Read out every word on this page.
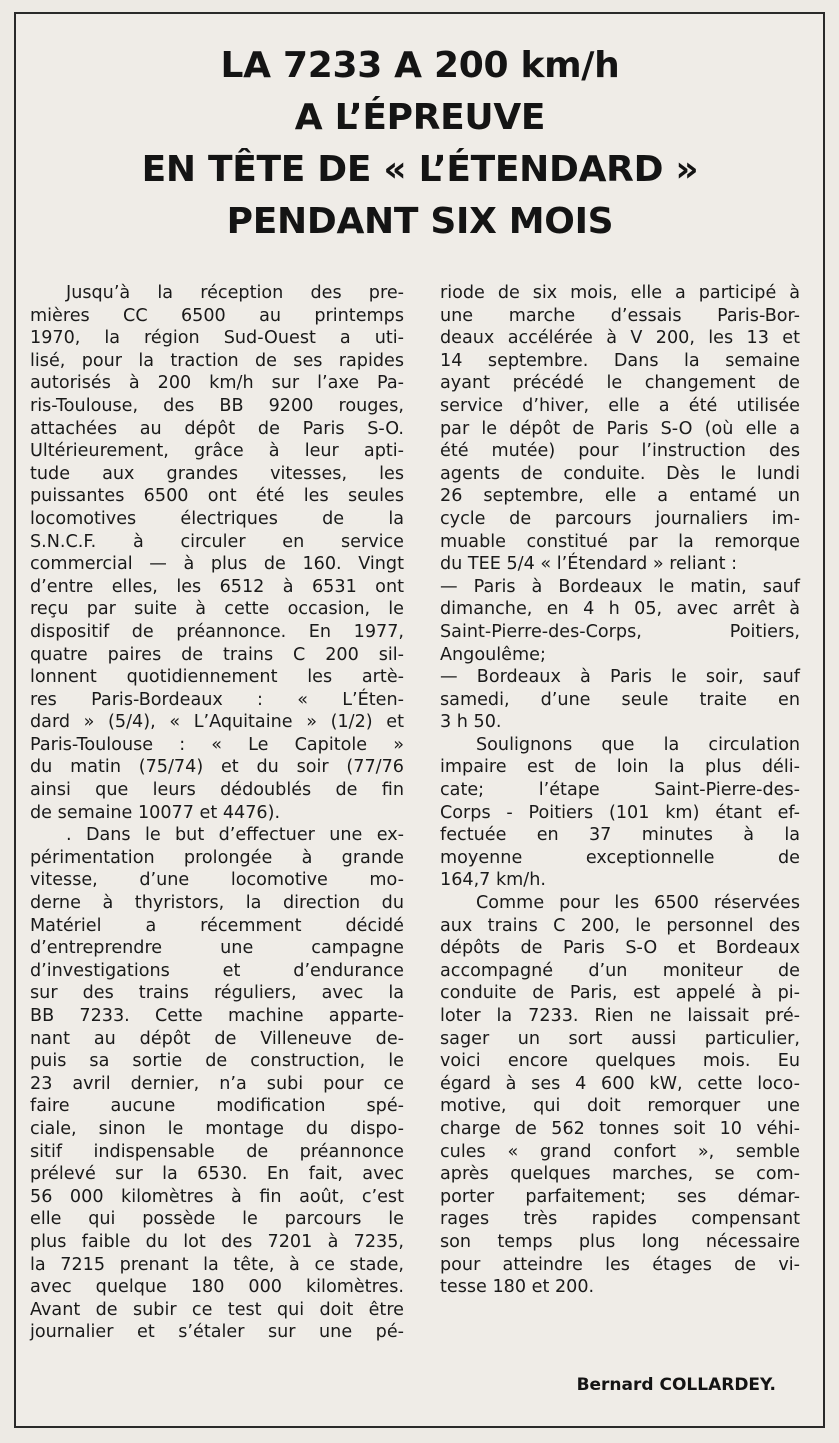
LA 7233 A 200 km/h
A L’ÉPREUVE
EN TÊTE DE « L’ÉTENDARD »
PENDANT SIX MOIS

Jusqu’à la réception des pre-

mières CC 6500 au printemps

1970, la région Sud-Ouest a uti-

lisé, pour la traction de ses rapides

autorisés à 200 km/h sur l’axe Pa-

ris-Toulouse, des BB 9200 rouges,

attachées au dépôt de Paris S-O.

Ultérieurement, grâce à leur apti-

tude aux grandes vitesses, les

puissantes 6500 ont été les seules

locomotives électriques de la

S.N.C.F. à circuler en service

commercial — à plus de 160. Vingt

d’entre elles, les 6512 à 6531 ont

reçu par suite à cette occasion, le

dispositif de préannonce. En 1977,

quatre paires de trains C 200 sil-

lonnent quotidiennement les artè-

res Paris-Bordeaux : « L’Éten-

dard » (5/4), « L’Aquitaine » (1/2) et

Paris-Toulouse : « Le Capitole »

du matin (75/74) et du soir (77/76

ainsi que leurs dédoublés de fin

de semaine 10077 et 4476).

. Dans le but d’effectuer une ex-

périmentation prolongée à grande

vitesse, d’une locomotive mo-

derne à thyristors, la direction du

Matériel a récemment décidé

d’entreprendre une campagne

d’investigations et d’endurance

sur des trains réguliers, avec la

BB 7233. Cette machine apparte-

nant au dépôt de Villeneuve de-

puis sa sortie de construction, le

23 avril dernier, n’a subi pour ce

faire aucune modification spé-

ciale, sinon le montage du dispo-

sitif indispensable de préannonce

prélevé sur la 6530. En fait, avec

56 000 kilomètres à fin août, c’est

elle qui possède le parcours le

plus faible du lot des 7201 à 7235,

la 7215 prenant la tête, à ce stade,

avec quelque 180 000 kilomètres.

Avant de subir ce test qui doit être

journalier et s’étaler sur une pé-

riode de six mois, elle a participé à

une marche d’essais Paris-Bor-

deaux accélérée à V 200, les 13 et

14 septembre. Dans la semaine

ayant précédé le changement de

service d’hiver, elle a été utilisée

par le dépôt de Paris S-O (où elle a

été mutée) pour l’instruction des

agents de conduite. Dès le lundi

26 septembre, elle a entamé un

cycle de parcours journaliers im-

muable constitué par la remorque

du TEE 5/4 « l’Étendard » reliant :

— Paris à Bordeaux le matin, sauf

dimanche, en 4 h 05, avec arrêt à

Saint-Pierre-des-Corps, Poitiers,

Angoulême;

— Bordeaux à Paris le soir, sauf

samedi, d’une seule traite en

3 h 50.

Soulignons que la circulation

impaire est de loin la plus déli-

cate; l’étape Saint-Pierre-des-

Corps - Poitiers (101 km) étant ef-

fectuée en 37 minutes à la

moyenne exceptionnelle de

164,7 km/h.

Comme pour les 6500 réservées

aux trains C 200, le personnel des

dépôts de Paris S-O et Bordeaux

accompagné d’un moniteur de

conduite de Paris, est appelé à pi-

loter la 7233. Rien ne laissait pré-

sager un sort aussi particulier,

voici encore quelques mois. Eu

égard à ses 4 600 kW, cette loco-

motive, qui doit remorquer une

charge de 562 tonnes soit 10 véhi-

cules « grand confort », semble

après quelques marches, se com-

porter parfaitement; ses démar-

rages très rapides compensant

son temps plus long nécessaire

pour atteindre les étages de vi-

tesse 180 et 200.

Bernard COLLARDEY.
